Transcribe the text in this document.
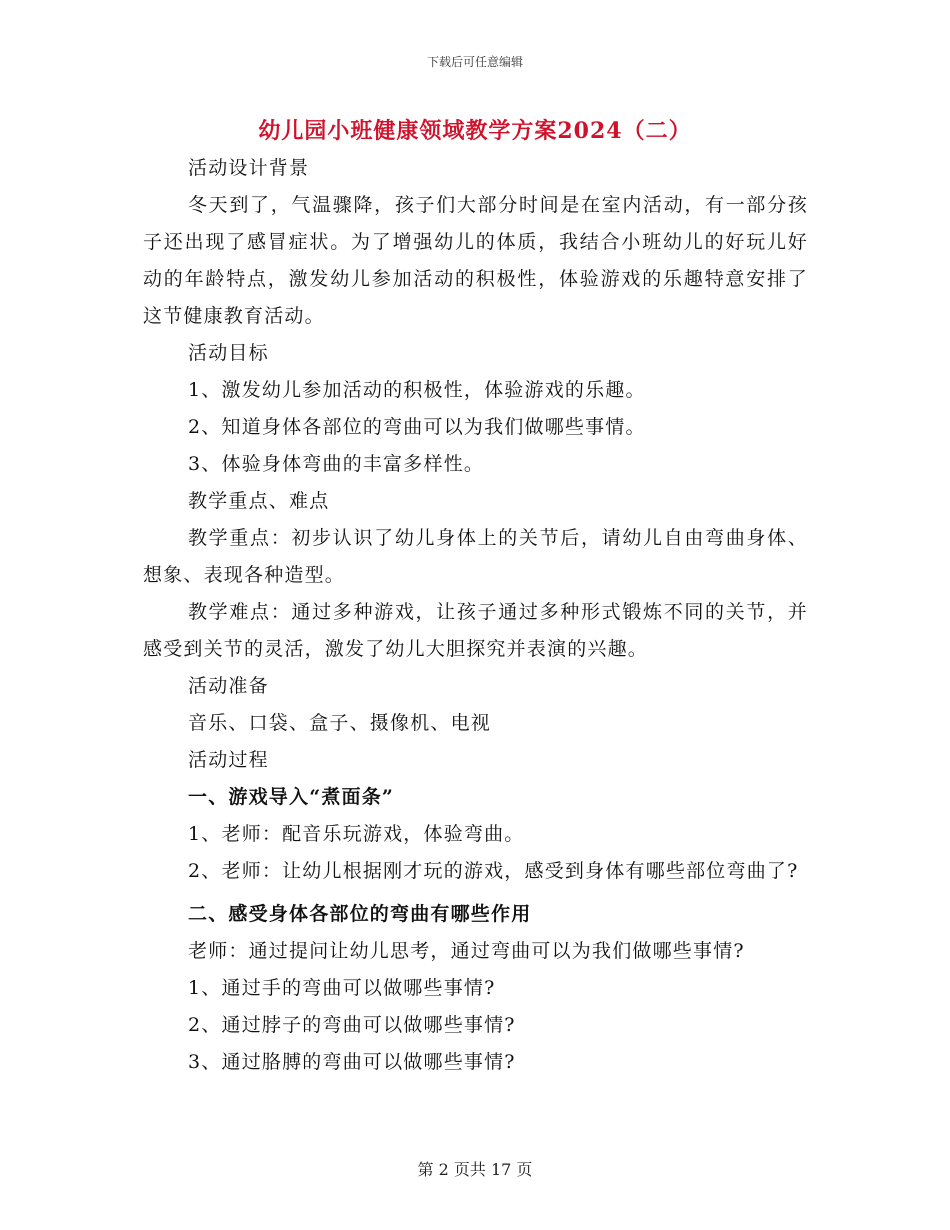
下载后可任意编辑
幼儿园小班健康领域教学方案2024（二）

活动设计背景

冬天到了，气温骤降，孩子们大部分时间是在室内活动，有一部分孩子还出现了感冒症状。为了增强幼儿的体质，我结合小班幼儿的好玩儿好动的年龄特点，激发幼儿参加活动的积极性，体验游戏的乐趣特意安排了这节健康教育活动。

活动目标

1、激发幼儿参加活动的积极性，体验游戏的乐趣。

2、知道身体各部位的弯曲可以为我们做哪些事情。

3、体验身体弯曲的丰富多样性。

教学重点、难点

教学重点：初步认识了幼儿身体上的关节后，请幼儿自由弯曲身体、想象、表现各种造型。

教学难点：通过多种游戏，让孩子通过多种形式锻炼不同的关节，并感受到关节的灵活，激发了幼儿大胆探究并表演的兴趣。

活动准备

音乐、口袋、盒子、摄像机、电视

活动过程

一、游戏导入“煮面条”

1、老师：配音乐玩游戏，体验弯曲。

2、老师：让幼儿根据刚才玩的游戏，感受到身体有哪些部位弯曲了?

二、感受身体各部位的弯曲有哪些作用

老师：通过提问让幼儿思考，通过弯曲可以为我们做哪些事情?

1、通过手的弯曲可以做哪些事情?

2、通过脖子的弯曲可以做哪些事情?

3、通过胳膊的弯曲可以做哪些事情?

第 2 页共 17 页
